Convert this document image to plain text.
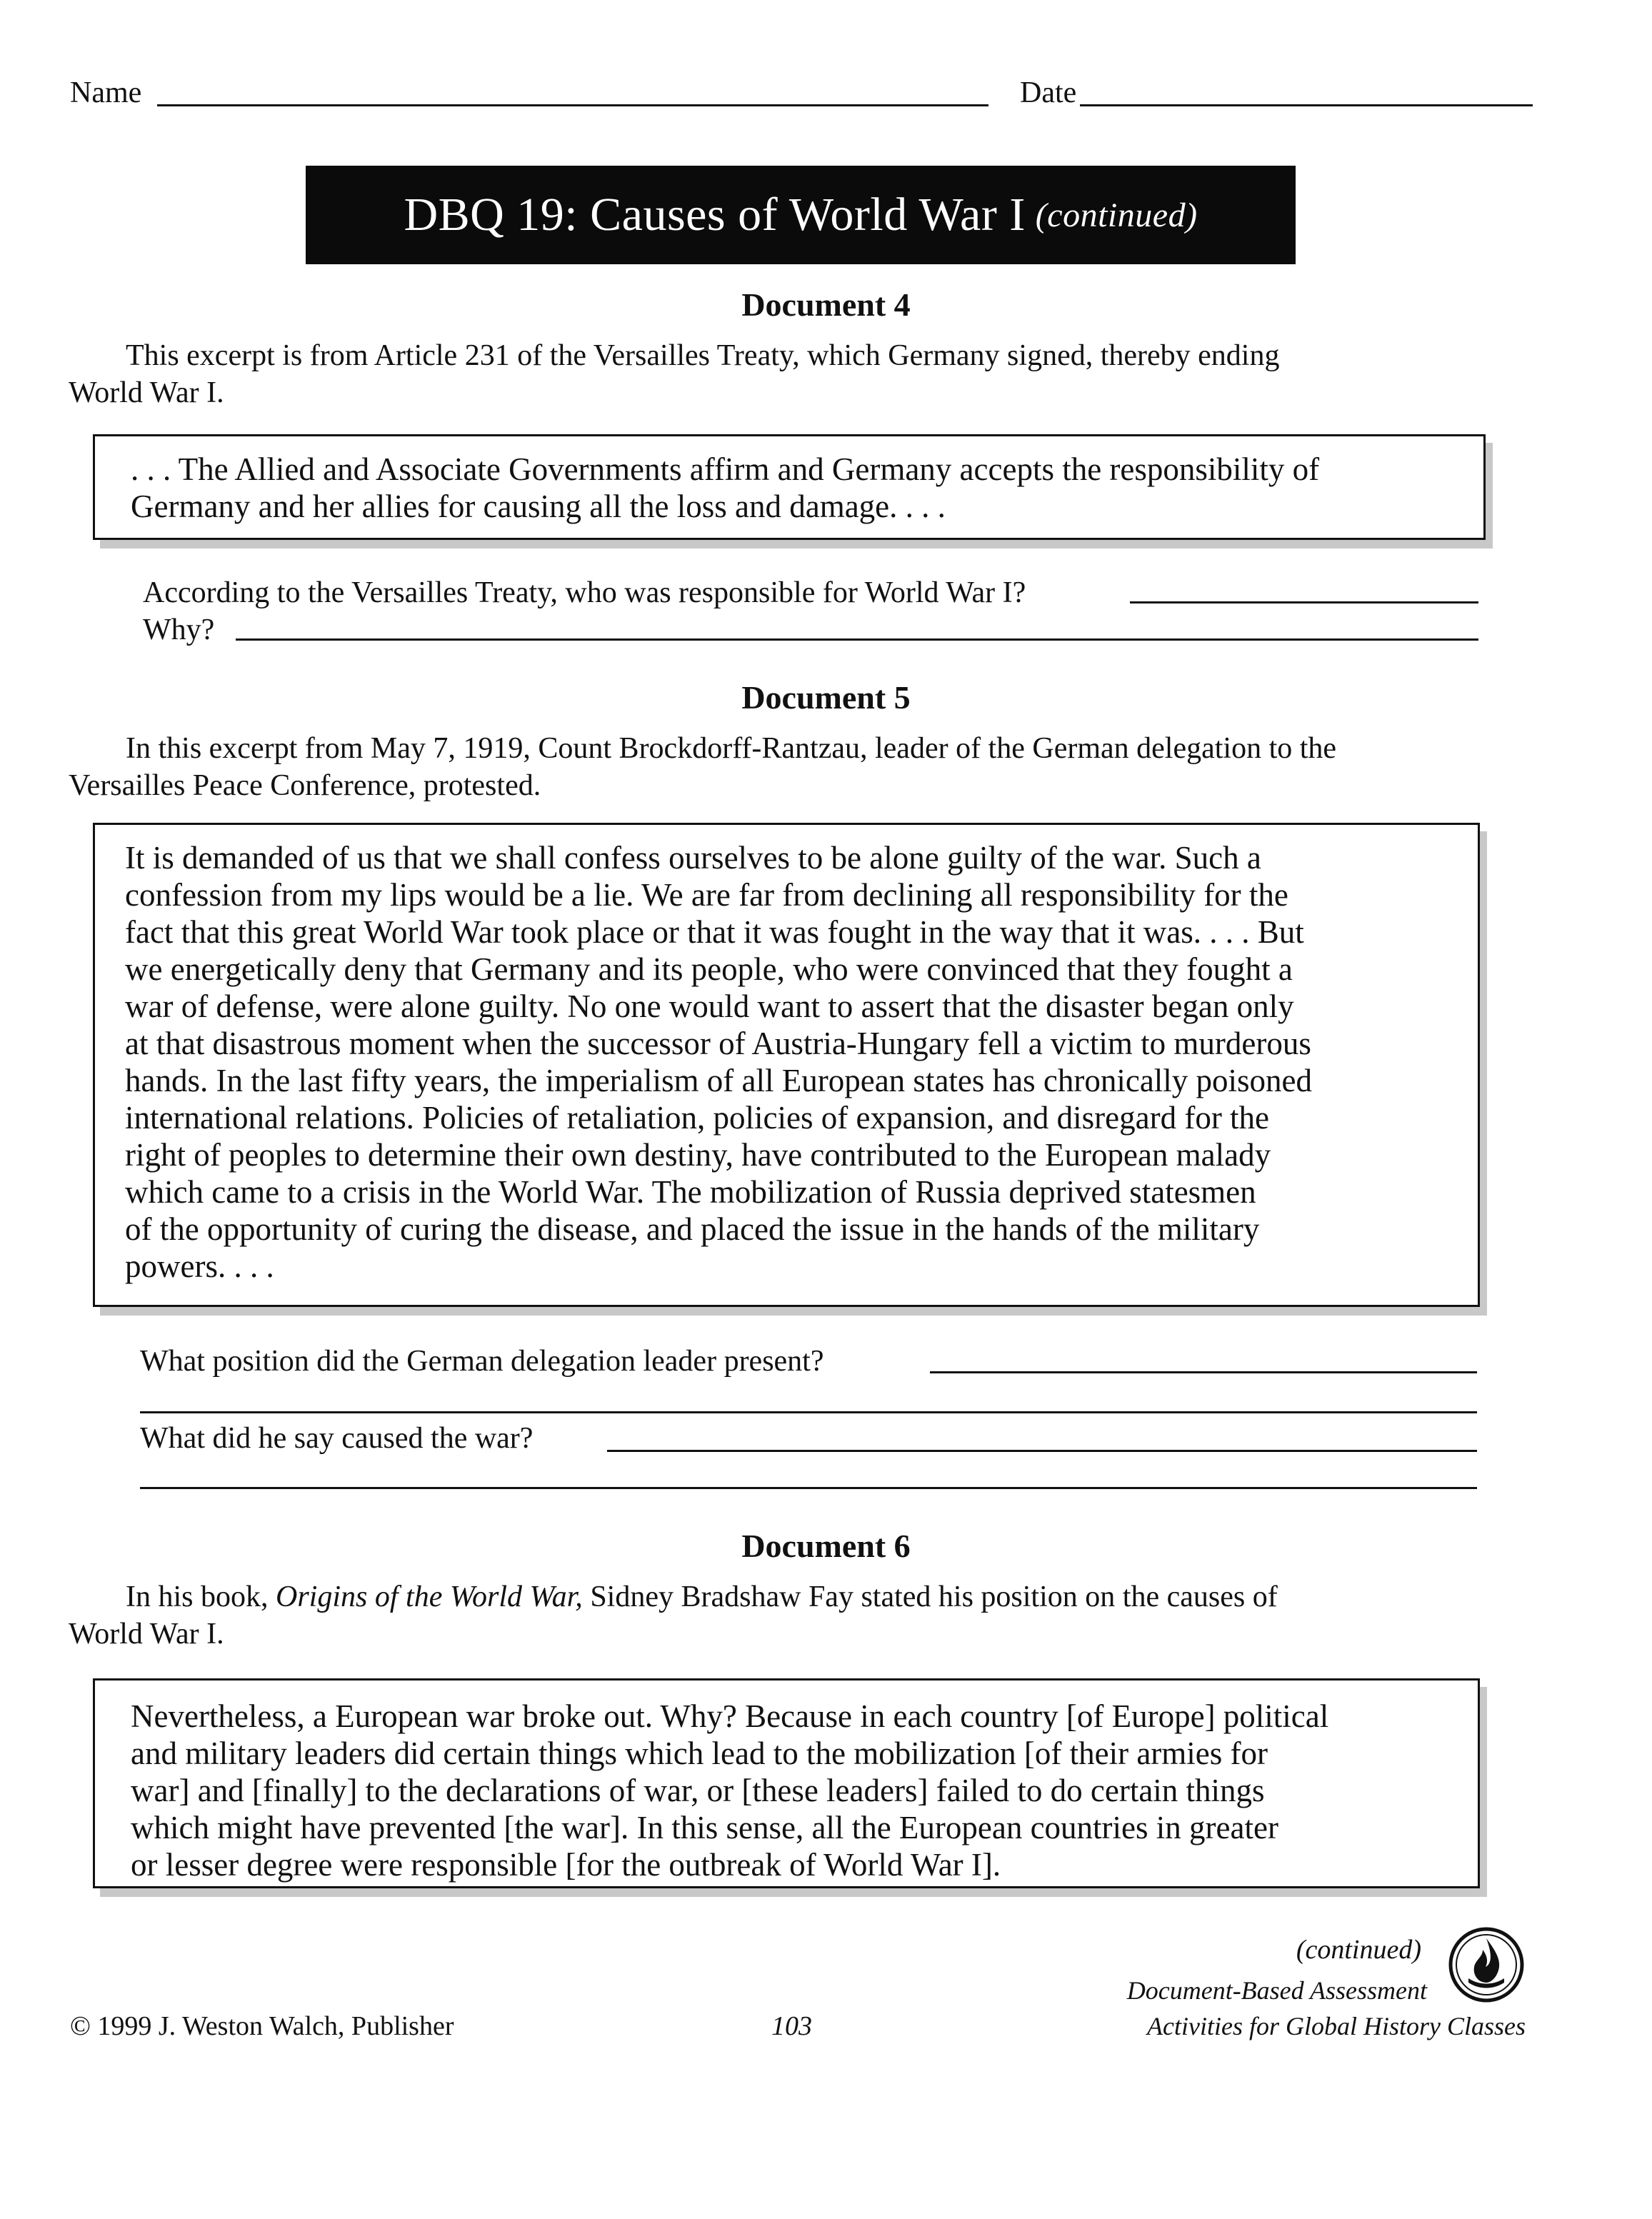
Name	Date
DBQ 19: Causes of World War I (continued)
Document 4
This excerpt is from Article 231 of the Versailles Treaty, which Germany signed, thereby ending
World War I.
. . . The Allied and Associate Governments affirm and Germany accepts the responsibility of
Germany and her allies for causing all the loss and damage. . . .
According to the Versailles Treaty, who was responsible for World War I?
Why?
Document 5
In this excerpt from May 7, 1919, Count Brockdorff-Rantzau, leader of the German delegation to the
Versailles Peace Conference, protested.
It is demanded of us that we shall confess ourselves to be alone guilty of the war. Such a
confession from my lips would be a lie. We are far from declining all responsibility for the
fact that this great World War took place or that it was fought in the way that it was. . . . But
we energetically deny that Germany and its people, who were convinced that they fought a
war of defense, were alone guilty. No one would want to assert that the disaster began only
at that disastrous moment when the successor of Austria-Hungary fell a victim to murderous
hands. In the last fifty years, the imperialism of all European states has chronically poisoned
international relations. Policies of retaliation, policies of expansion, and disregard for the
right of peoples to determine their own destiny, have contributed to the European malady
which came to a crisis in the World War. The mobilization of Russia deprived statesmen
of the opportunity of curing the disease, and placed the issue in the hands of the military
powers. . . .
What position did the German delegation leader present?
What did he say caused the war?
Document 6
In his book, Origins of the World War, Sidney Bradshaw Fay stated his position on the causes of
World War I.
Nevertheless, a European war broke out. Why? Because in each country [of Europe] political
and military leaders did certain things which lead to the mobilization [of their armies for
war] and [finally] to the declarations of war, or [these leaders] failed to do certain things
which might have prevented [the war]. In this sense, all the European countries in greater
or lesser degree were responsible [for the outbreak of World War I].
(continued)
Document-Based Assessment
Activities for Global History Classes
© 1999 J. Weston Walch, Publisher	103
